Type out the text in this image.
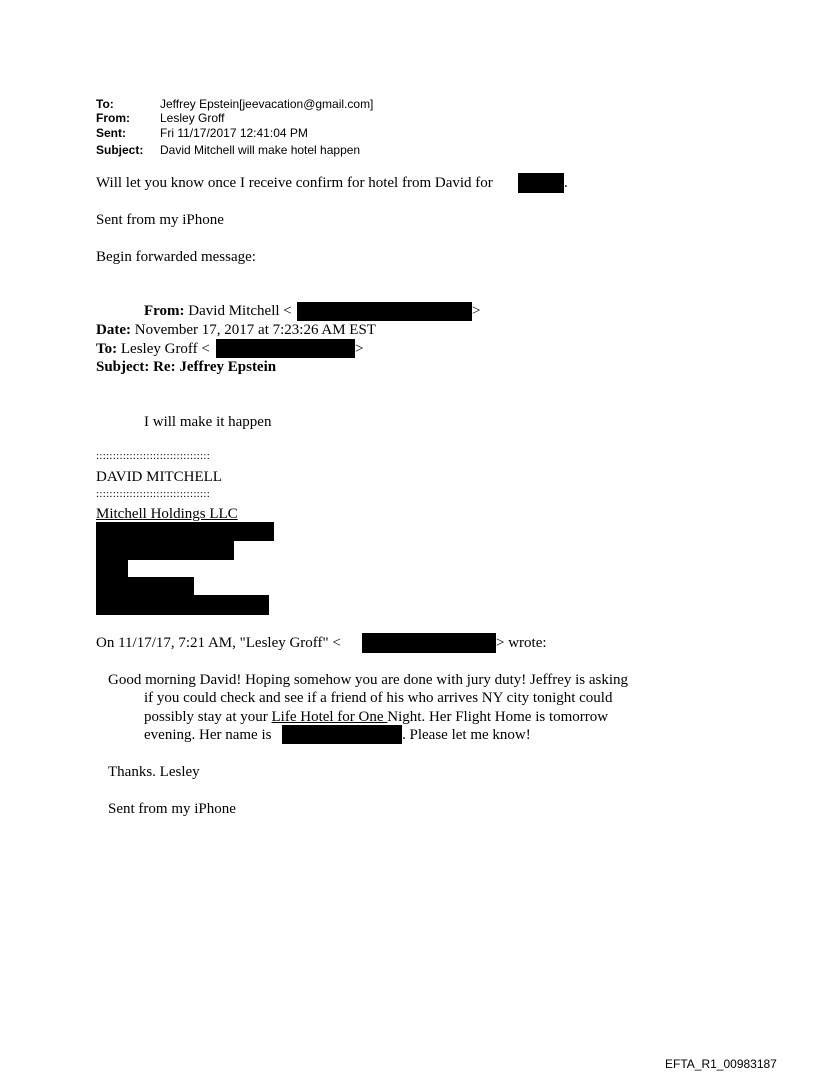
To:	Jeffrey Epstein[jeevacation@gmail.com]
From:	Lesley Groff
Sent:	Fri 11/17/2017 12:41:04 PM
Subject: David Mitchell will make hotel happen
Will let you know once I receive confirm for hotel from David for	.
Sent from my iPhone
Begin forwarded message:
From: David Mitchell <	>
Date: November 17, 2017 at 7:23:26 AM EST
To: Lesley Groff <	>
Subject: Re: Jeffrey Epstein
I will make it happen
::::::::::::::::::::::::::::::::::
DAVID MITCHELL
::::::::::::::::::::::::::::::::::
Mitchell Holdings LLC
On 11/17/17, 7:21 AM, "Lesley Groff" <	> wrote:
Good morning David! Hoping somehow you are done with jury duty! Jeffrey is asking
if you could check and see if a friend of his who arrives NY city tonight could
possibly stay at your Life Hotel for One Night. Her Flight Home is tomorrow
evening. Her name is	. Please let me know!
Thanks. Lesley
Sent from my iPhone
EFTA_R1_00983187
